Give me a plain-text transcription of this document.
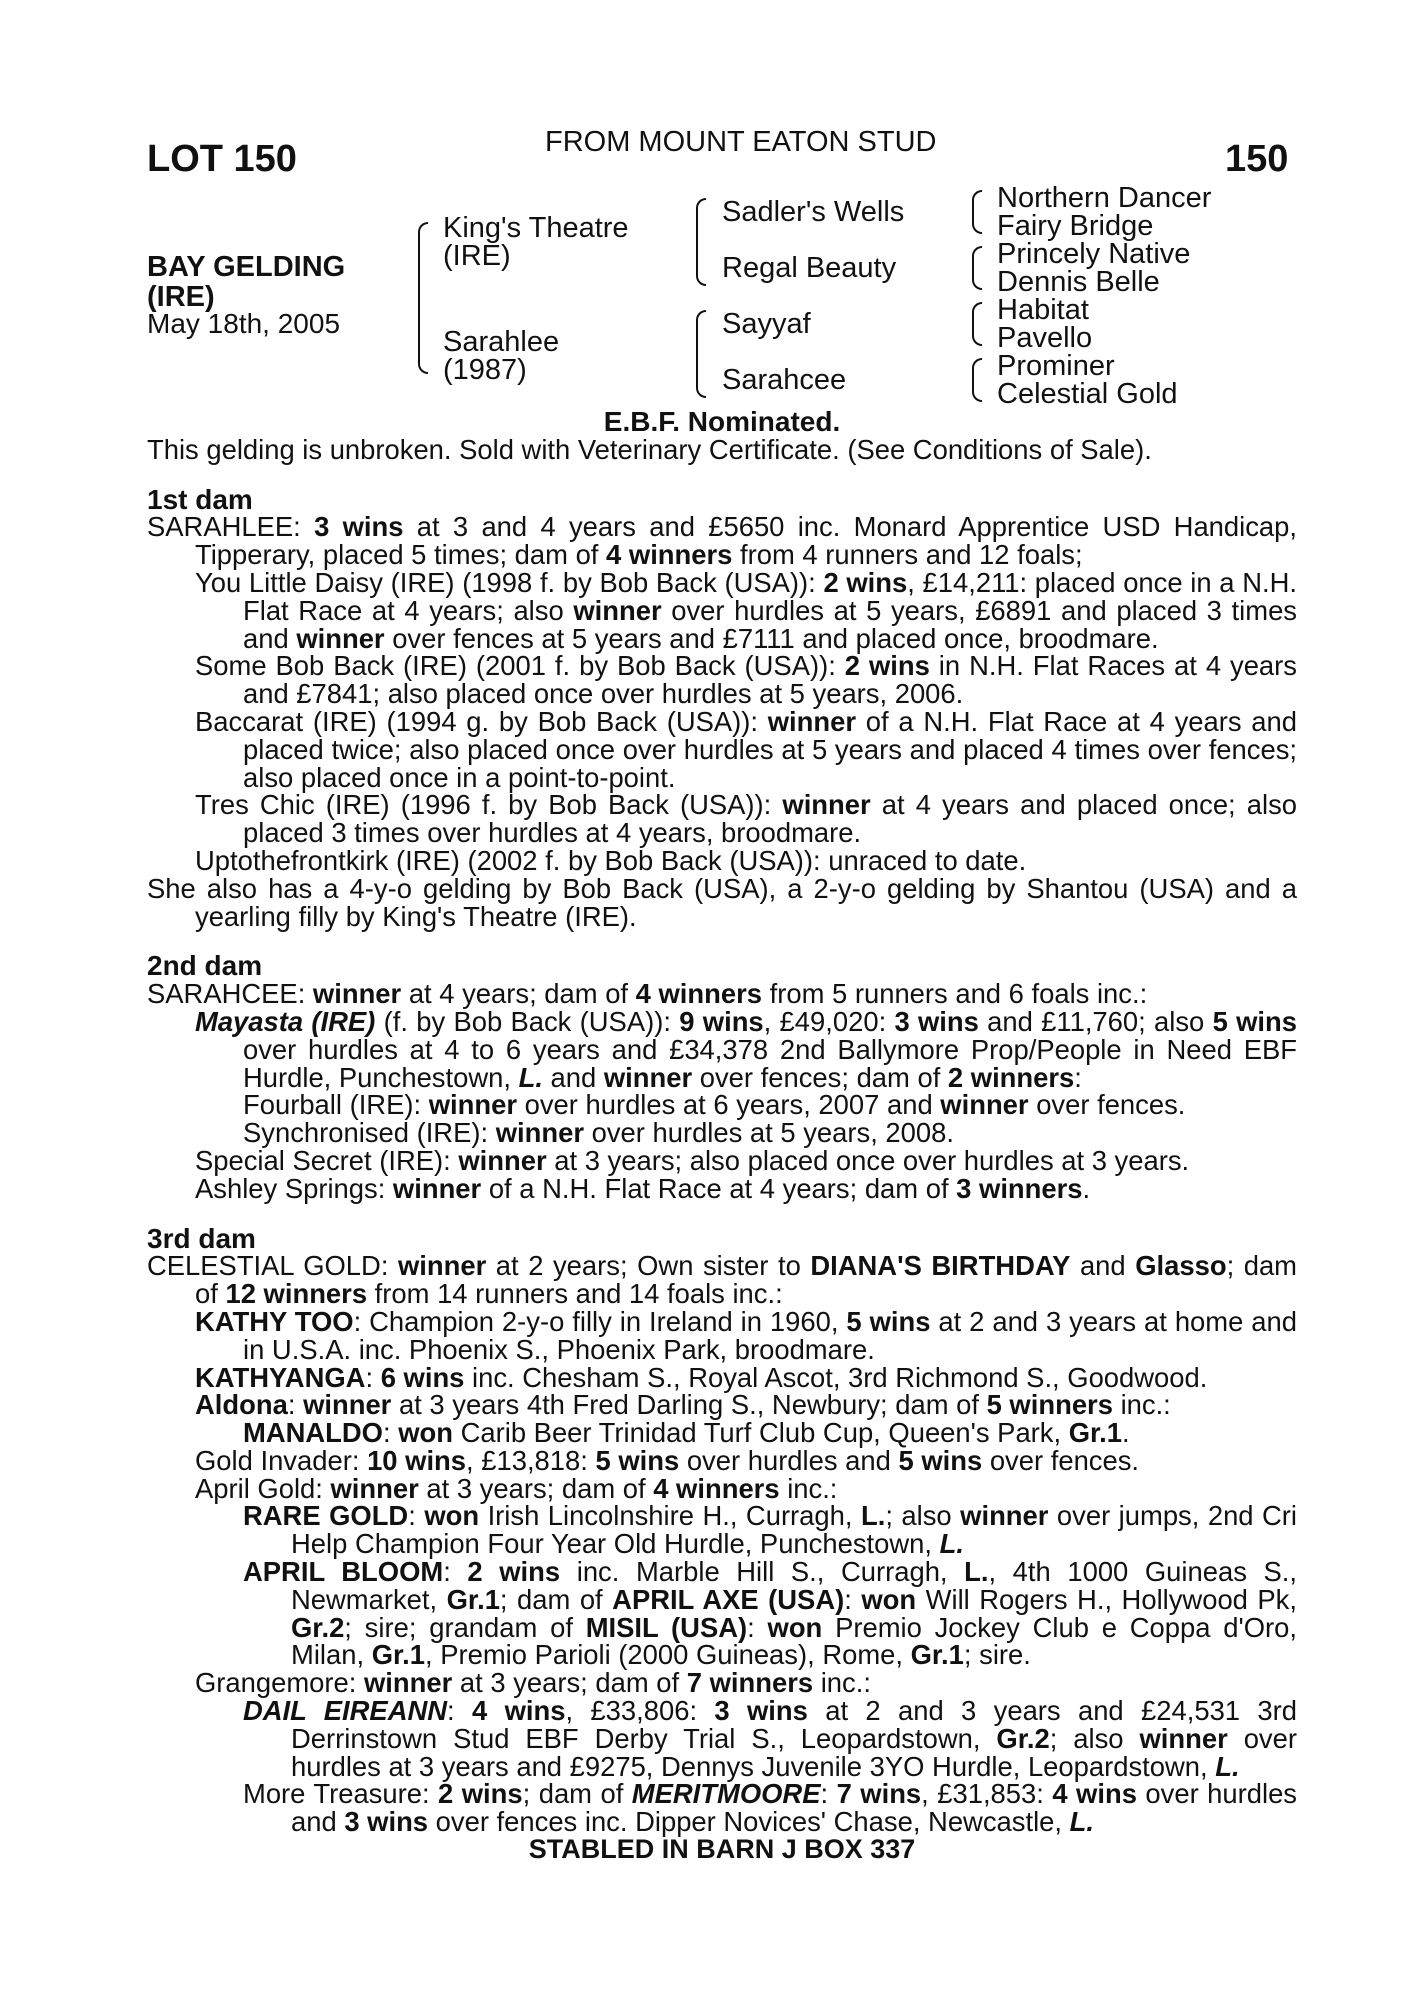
LOT 150	FROM MOUNT EATON STUD	150
BAY GELDING
(IRE)
May 18th, 2005
King's Theatre
(IRE)
Sarahlee
(1987)
Sadler's Wells
Regal Beauty
Sayyaf
Sarahcee
Northern Dancer
Fairy Bridge
Princely Native
Dennis Belle
Habitat
Pavello
Prominer
Celestial Gold

E.B.F. Nominated.

This gelding is unbroken. Sold with Veterinary Certificate. (See Conditions of Sale).

1st dam

SARAHLEE: 3 wins at 3 and 4 years and £5650 inc. Monard Apprentice USD Handicap, Tipperary, placed 5 times; dam of 4 winners from 4 runners and 12 foals;

You Little Daisy (IRE) (1998 f. by Bob Back (USA)): 2 wins, £14,211: placed once in a N.H. Flat Race at 4 years; also winner over hurdles at 5 years, £6891 and placed 3 times and winner over fences at 5 years and £7111 and placed once, broodmare.

Some Bob Back (IRE) (2001 f. by Bob Back (USA)): 2 wins in N.H. Flat Races at 4 years and £7841; also placed once over hurdles at 5 years, 2006.

Baccarat (IRE) (1994 g. by Bob Back (USA)): winner of a N.H. Flat Race at 4 years and placed twice; also placed once over hurdles at 5 years and placed 4 times over fences; also placed once in a point-to-point.

Tres Chic (IRE) (1996 f. by Bob Back (USA)): winner at 4 years and placed once; also placed 3 times over hurdles at 4 years, broodmare.

Uptothefrontkirk (IRE) (2002 f. by Bob Back (USA)): unraced to date.

She also has a 4-y-o gelding by Bob Back (USA), a 2-y-o gelding by Shantou (USA) and a yearling filly by King's Theatre (IRE).

2nd dam

SARAHCEE: winner at 4 years; dam of 4 winners from 5 runners and 6 foals inc.:

Mayasta (IRE) (f. by Bob Back (USA)): 9 wins, £49,020: 3 wins and £11,760; also 5 wins over hurdles at 4 to 6 years and £34,378 2nd Ballymore Prop/People in Need EBF Hurdle, Punchestown, L. and winner over fences; dam of 2 winners:

Fourball (IRE): winner over hurdles at 6 years, 2007 and winner over fences.

Synchronised (IRE): winner over hurdles at 5 years, 2008.

Special Secret (IRE): winner at 3 years; also placed once over hurdles at 3 years.

Ashley Springs: winner of a N.H. Flat Race at 4 years; dam of 3 winners.

3rd dam

CELESTIAL GOLD: winner at 2 years; Own sister to DIANA'S BIRTHDAY and Glasso; dam of 12 winners from 14 runners and 14 foals inc.:

KATHY TOO: Champion 2-y-o filly in Ireland in 1960, 5 wins at 2 and 3 years at home and in U.S.A. inc. Phoenix S., Phoenix Park, broodmare.

KATHYANGA: 6 wins inc. Chesham S., Royal Ascot, 3rd Richmond S., Goodwood.

Aldona: winner at 3 years 4th Fred Darling S., Newbury; dam of 5 winners inc.:

MANALDO: won Carib Beer Trinidad Turf Club Cup, Queen's Park, Gr.1.

Gold Invader: 10 wins, £13,818: 5 wins over hurdles and 5 wins over fences.

April Gold: winner at 3 years; dam of 4 winners inc.:

RARE GOLD: won Irish Lincolnshire H., Curragh, L.; also winner over jumps, 2nd Cri Help Champion Four Year Old Hurdle, Punchestown, L.

APRIL BLOOM: 2 wins inc. Marble Hill S., Curragh, L., 4th 1000 Guineas S., Newmarket, Gr.1; dam of APRIL AXE (USA): won Will Rogers H., Hollywood Pk, Gr.2; sire; grandam of MISIL (USA): won Premio Jockey Club e Coppa d'Oro, Milan, Gr.1, Premio Parioli (2000 Guineas), Rome, Gr.1; sire.

Grangemore: winner at 3 years; dam of 7 winners inc.:

DAIL EIREANN: 4 wins, £33,806: 3 wins at 2 and 3 years and £24,531 3rd Derrinstown Stud EBF Derby Trial S., Leopardstown, Gr.2; also winner over hurdles at 3 years and £9275, Dennys Juvenile 3YO Hurdle, Leopardstown, L.

More Treasure: 2 wins; dam of MERITMOORE: 7 wins, £31,853: 4 wins over hurdles and 3 wins over fences inc. Dipper Novices' Chase, Newcastle, L.

STABLED IN BARN J BOX 337
